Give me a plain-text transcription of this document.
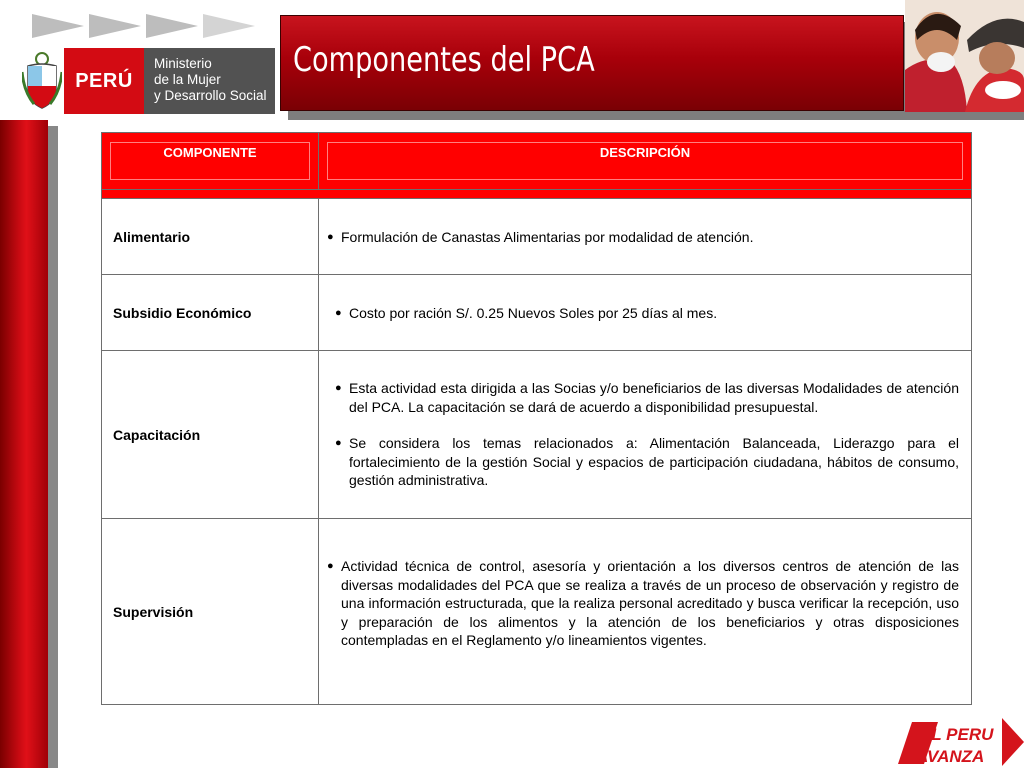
PERÚ
Ministerio
de la Mujer
y Desarrollo Social
Componentes del PCA
COMPONENTE	DESCRIPCIÓN

Alimentario	● Formulación de Canastas Alimentarias por modalidad de atención.

Subsidio Económico	● Costo por ración S/. 0.25 Nuevos Soles por 25 días al mes.

Capacitación	● Esta actividad esta dirigida a las Socias y/o beneficiarios de las diversas Modalidades de atención del PCA. La capacitación se dará de acuerdo a disponibilidad presupuestal.
● Se considera los temas relacionados a: Alimentación Balanceada, Liderazgo para el fortalecimiento de la gestión Social y espacios de participación ciudadana, hábitos de consumo, gestión administrativa.

Supervisión	● Actividad técnica de control, asesoría y orientación a los diversos centros de atención de las diversas modalidades del PCA que se realiza a través de un proceso de observación y registro de una información estructurada, que la realiza personal acreditado y busca verificar la recepción, uso y preparación de los alimentos y la atención de los beneficiarios y otras disposiciones contempladas en el Reglamento y/o lineamientos vigentes.
EL PERU
AVANZA
